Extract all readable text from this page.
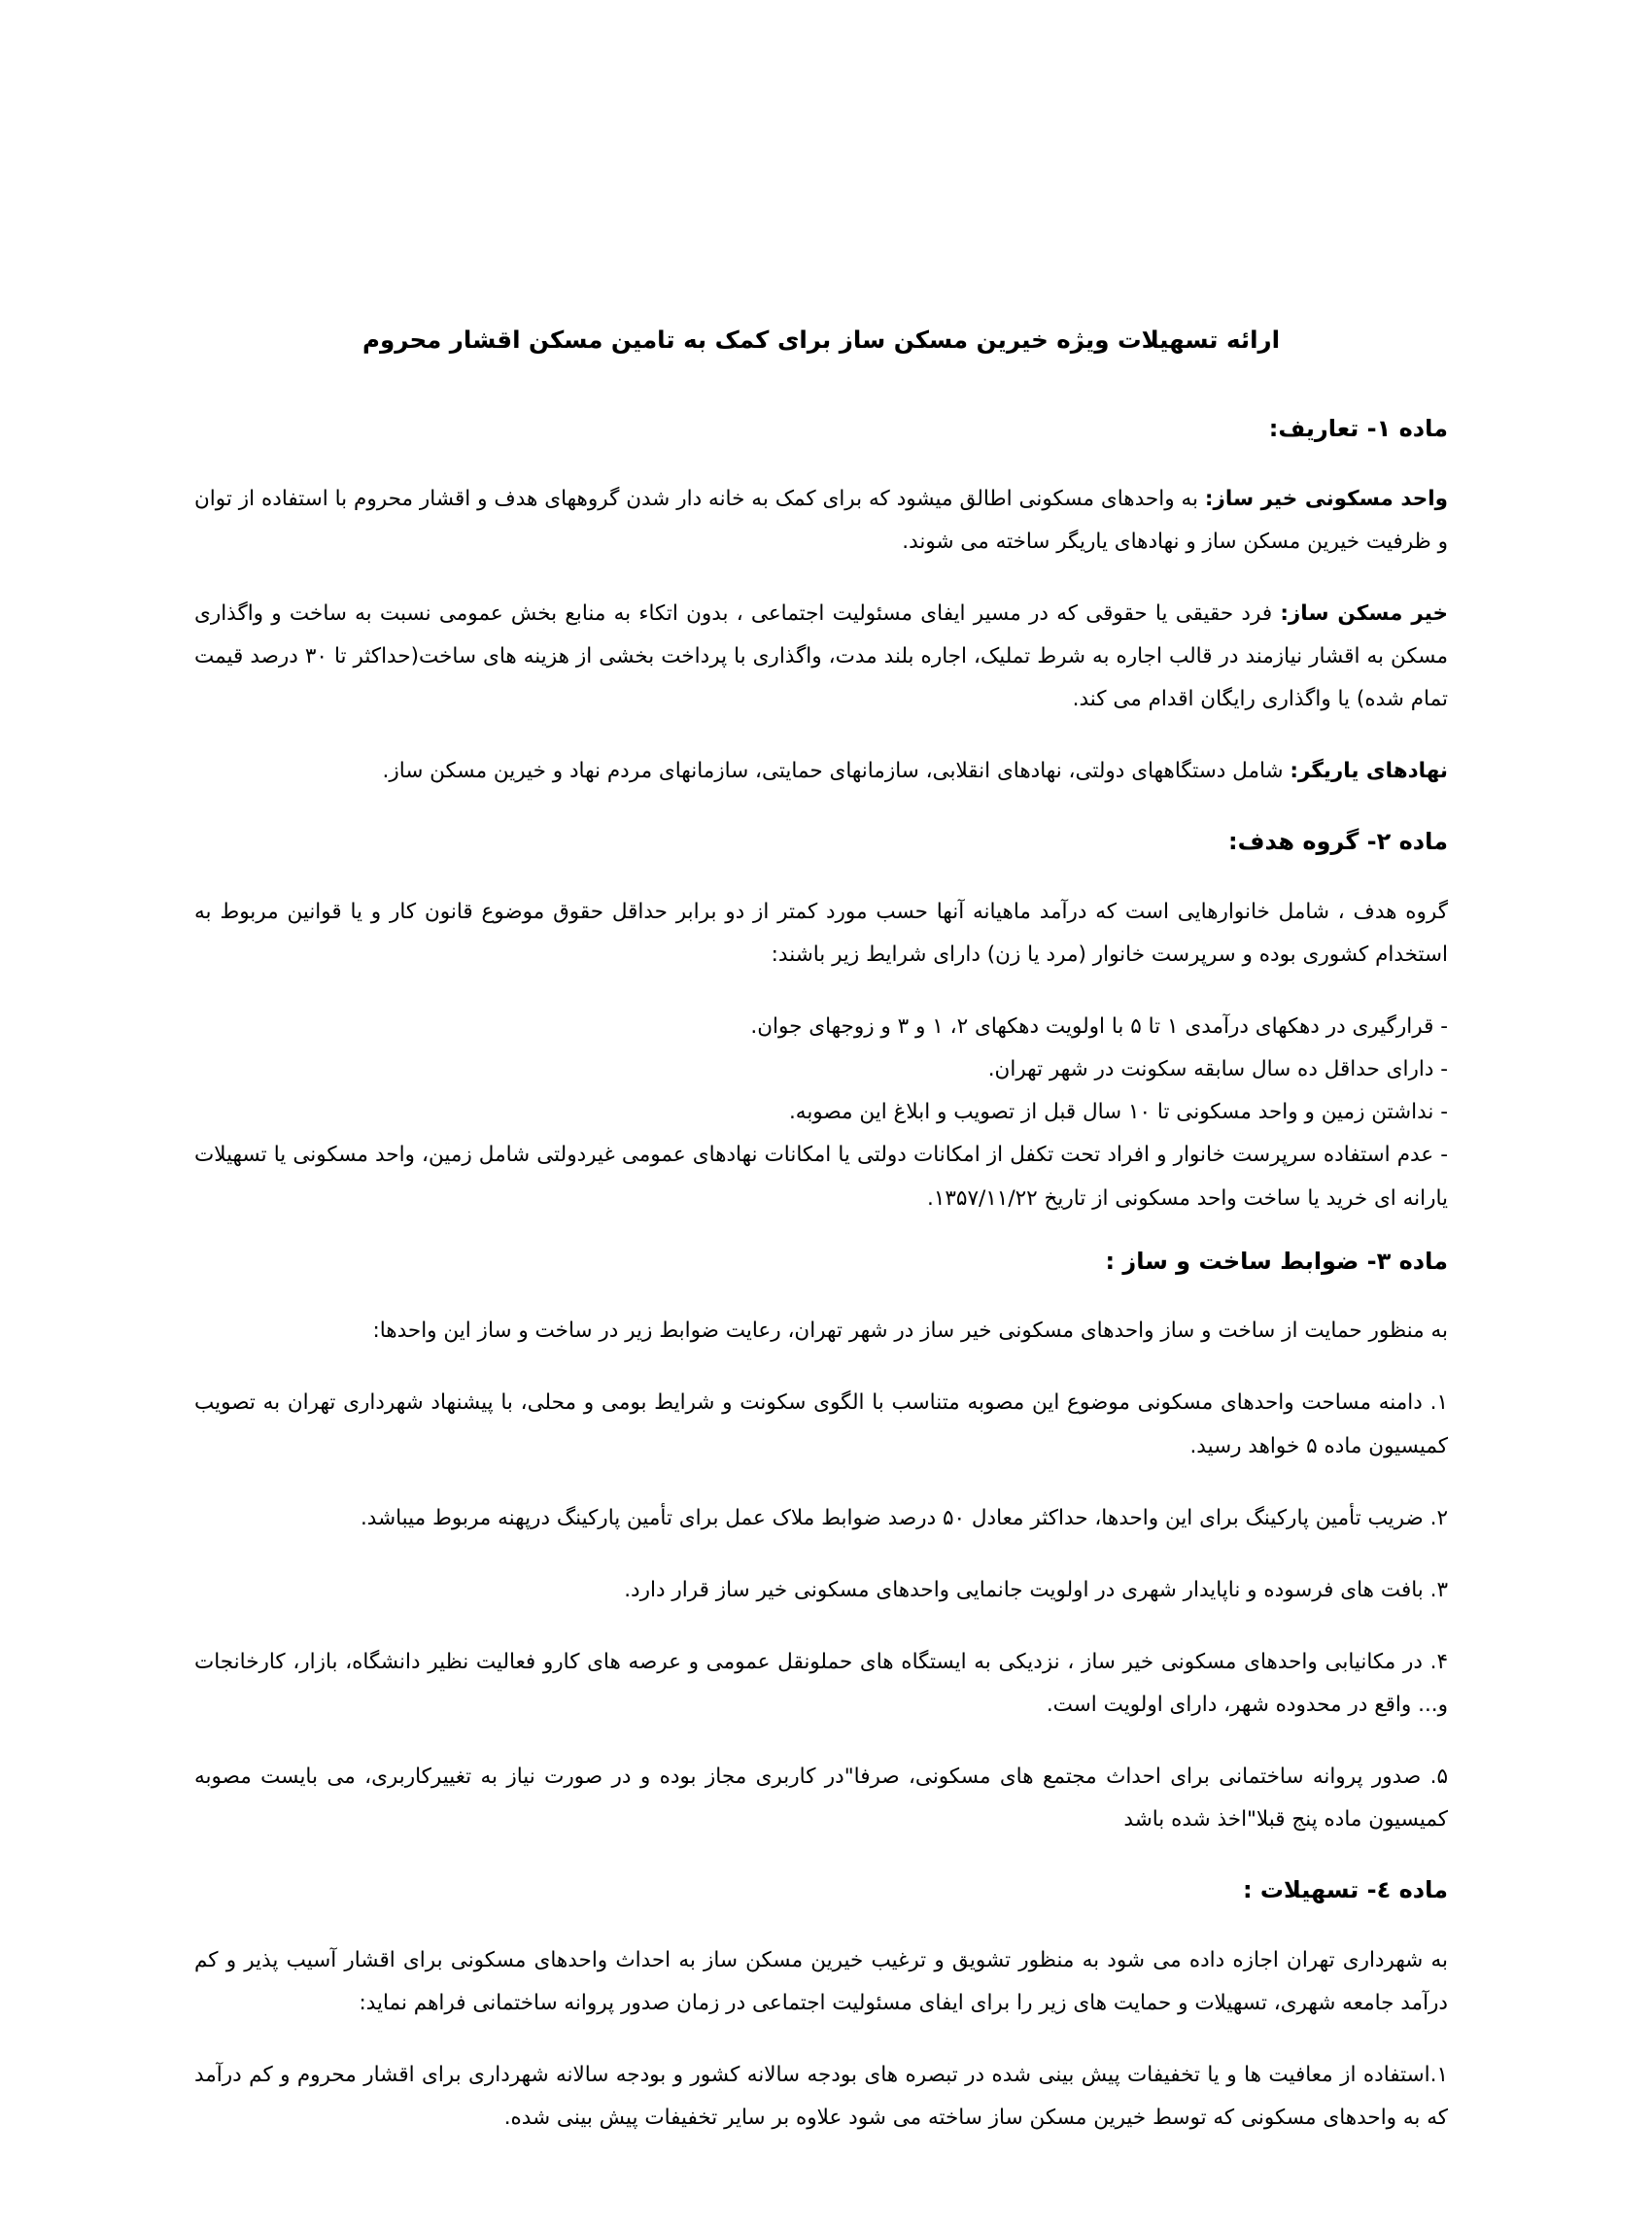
ارائه تسهیلات ویژه خیرین مسکن ساز برای کمک به تامین مسکن اقشار محروم
ماده ۱- تعاریف:

واحد مسکونی خیر ساز: به واحدهای مسکونی اطالق میشود که برای کمک به خانه دار شدن گروههای هدف و اقشار محروم با استفاده از توان و ظرفیت خیرین مسکن ساز و نهادهای یاریگر ساخته می شوند.

خیر مسکن ساز: فرد حقیقی یا حقوقی که در مسیر ایفای مسئولیت اجتماعی ، بدون اتکاء به منابع بخش عمومی نسبت به ساخت و واگذاری مسکن به اقشار نیازمند در قالب اجاره به شرط تملیک، اجاره بلند مدت، واگذاری با پرداخت بخشی از هزینه های ساخت(حداکثر تا ۳۰ درصد قیمت تمام شده) یا واگذاری رایگان اقدام می کند.

نهادهای یاریگر: شامل دستگاههای دولتی، نهادهای انقلابی، سازمانهای حمایتی، سازمانهای مردم نهاد و خیرین مسکن ساز.

ماده ۲- گروه هدف:

گروه هدف ، شامل خانوارهایی است که درآمد ماهیانه آنها حسب مورد کمتر از دو برابر حداقل حقوق موضوع قانون کار و یا قوانین مربوط به استخدام کشوری بوده و سرپرست خانوار (مرد یا زن) دارای شرایط زیر باشند:

- قرارگیری در دهکهای درآمدی ۱ تا ۵ با اولویت دهکهای ۲، ۱ و ۳ و زوجهای جوان.
- دارای حداقل ده سال سابقه سکونت در شهر تهران.
- نداشتن زمین و واحد مسکونی تا ۱۰ سال قبل از تصویب و ابلاغ این مصوبه.
- عدم استفاده سرپرست خانوار و افراد تحت تکفل از امکانات دولتی یا امکانات نهادهای عمومی غیردولتی شامل زمین، واحد مسکونی یا تسهیلات یارانه ای خرید یا ساخت واحد مسکونی از تاریخ ۱۳۵۷/۱۱/۲۲.
ماده ۳- ضوابط ساخت و ساز :

به منظور حمایت از ساخت و ساز واحدهای مسکونی خیر ساز در شهر تهران، رعایت ضوابط زیر در ساخت و ساز این واحدها:

۱. دامنه مساحت واحدهای مسکونی موضوع این مصوبه متناسب با الگوی سکونت و شرایط بومی و محلی، با پیشنهاد شهرداری تهران به تصویب کمیسیون ماده ۵ خواهد رسید.

۲. ضریب تأمین پارکینگ برای این واحدها، حداکثر معادل ۵۰ درصد ضوابط ملاک عمل برای تأمین پارکینگ درپهنه مربوط میباشد.

۳. بافت های فرسوده و ناپایدار شهری در اولویت جانمایی واحدهای مسکونی خیر ساز قرار دارد.

۴. در مکانیابی واحدهای مسکونی خیر ساز ، نزدیکی به ایستگاه های حملونقل عمومی و عرصه های کارو فعالیت نظیر دانشگاه، بازار، کارخانجات و... واقع در محدوده شهر، دارای اولویت است.

۵. صدور پروانه ساختمانی برای احداث مجتمع های مسکونی، صرفا"در کاربری مجاز بوده و در صورت نیاز به تغییرکاربری، می بایست مصوبه کمیسیون ماده پنج قبلا"اخذ شده باشد

ماده ٤- تسهیلات :

به شهرداری تهران اجازه داده می شود به منظور تشویق و ترغیب خیرین مسکن ساز به احداث واحدهای مسکونی برای اقشار آسیب پذیر و کم درآمد جامعه شهری، تسهیلات و حمایت های زیر را برای ایفای مسئولیت اجتماعی در زمان صدور پروانه ساختمانی فراهم نماید:

۱.استفاده از معافیت ها و یا تخفیفات پیش بینی شده در تبصره های بودجه سالانه کشور و بودجه سالانه شهرداری برای اقشار محروم و کم درآمد که به واحدهای مسکونی که توسط خیرین مسکن ساز ساخته می شود علاوه بر سایر تخفیفات پیش بینی شده.
